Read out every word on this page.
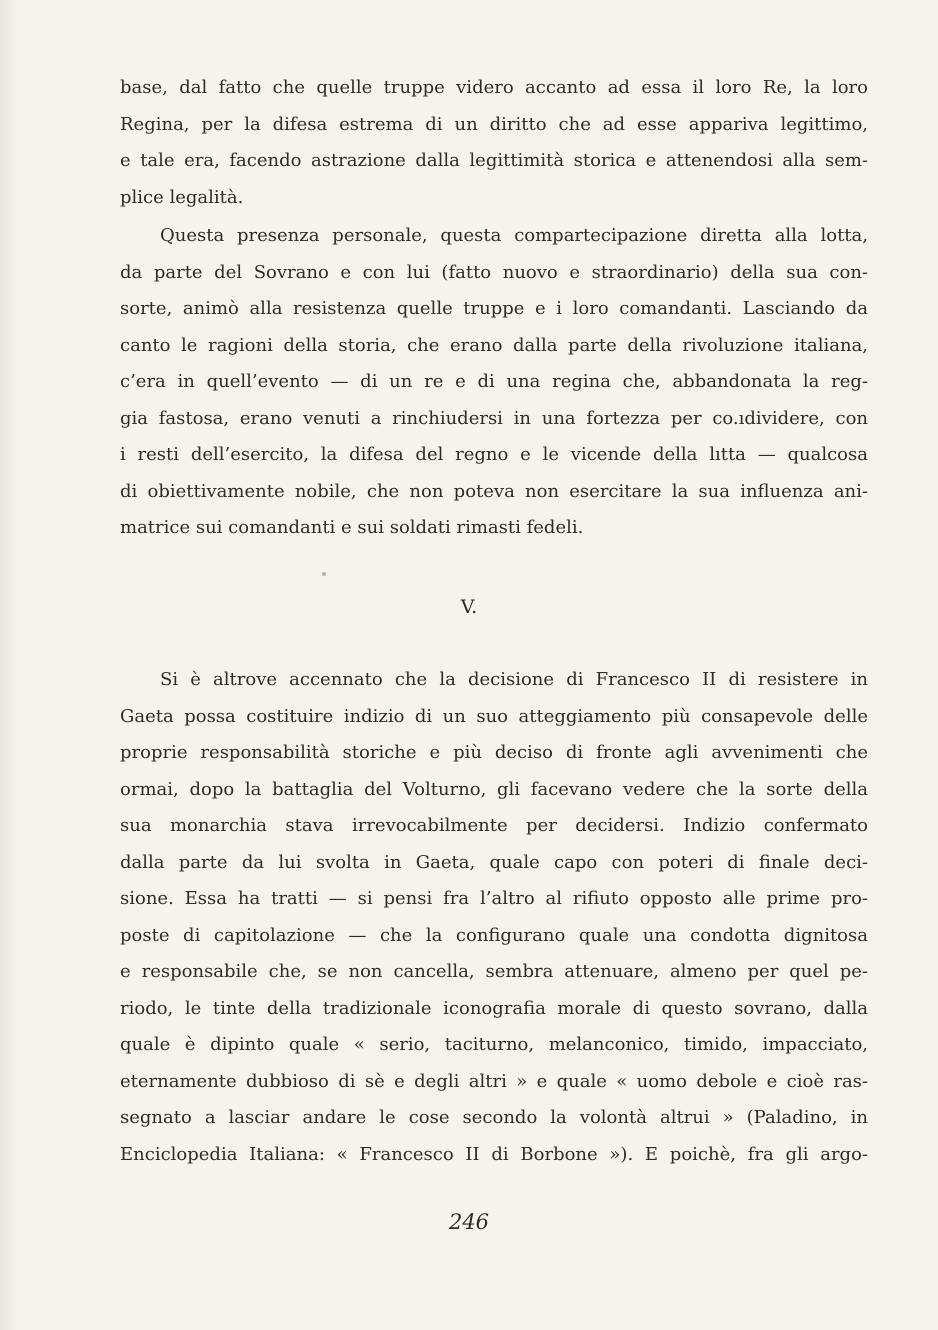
base, dal fatto che quelle truppe videro accanto ad essa il loro Re, la loro
Regina, per la difesa estrema di un diritto che ad esse appariva legittimo,
e tale era, facendo astrazione dalla legittimità storica e attenendosi alla sem-
plice legalità.
Questa presenza personale, questa compartecipazione diretta alla lotta,
da parte del Sovrano e con lui (fatto nuovo e straordinario) della sua con-
sorte, animò alla resistenza quelle truppe e i loro comandanti. Lasciando da
canto le ragioni della storia, che erano dalla parte della rivoluzione italiana,
c’era in quell’evento — di un re e di una regina che, abbandonata la reg-
gia fastosa, erano venuti a rinchiudersi in una fortezza per co.ıdividere, con
i resti dell’esercito, la difesa del regno e le vicende della lıtta — qualcosa
di obiettivamente nobile, che non poteva non esercitare la sua influenza ani-
matrice sui comandanti e sui soldati rimasti fedeli.
V.
Si è altrove accennato che la decisione di Francesco II di resistere in
Gaeta possa costituire indizio di un suo atteggiamento più consapevole delle
proprie responsabilità storiche e più deciso di fronte agli avvenimenti che
ormai, dopo la battaglia del Volturno, gli facevano vedere che la sorte della
sua monarchia stava irrevocabilmente per decidersi. Indizio confermato
dalla parte da lui svolta in Gaeta, quale capo con poteri di finale deci-
sione. Essa ha tratti — si pensi fra l’altro al rifiuto opposto alle prime pro-
poste di capitolazione — che la configurano quale una condotta dignitosa
e responsabile che, se non cancella, sembra attenuare, almeno per quel pe-
riodo, le tinte della tradizionale iconografia morale di questo sovrano, dalla
quale è dipinto quale « serio, taciturno, melanconico, timido, impacciato,
eternamente dubbioso di sè e degli altri » e quale « uomo debole e cioè ras-
segnato a lasciar andare le cose secondo la volontà altrui » (Paladino, in
Enciclopedia Italiana: « Francesco II di Borbone »). E poichè, fra gli argo-
246
